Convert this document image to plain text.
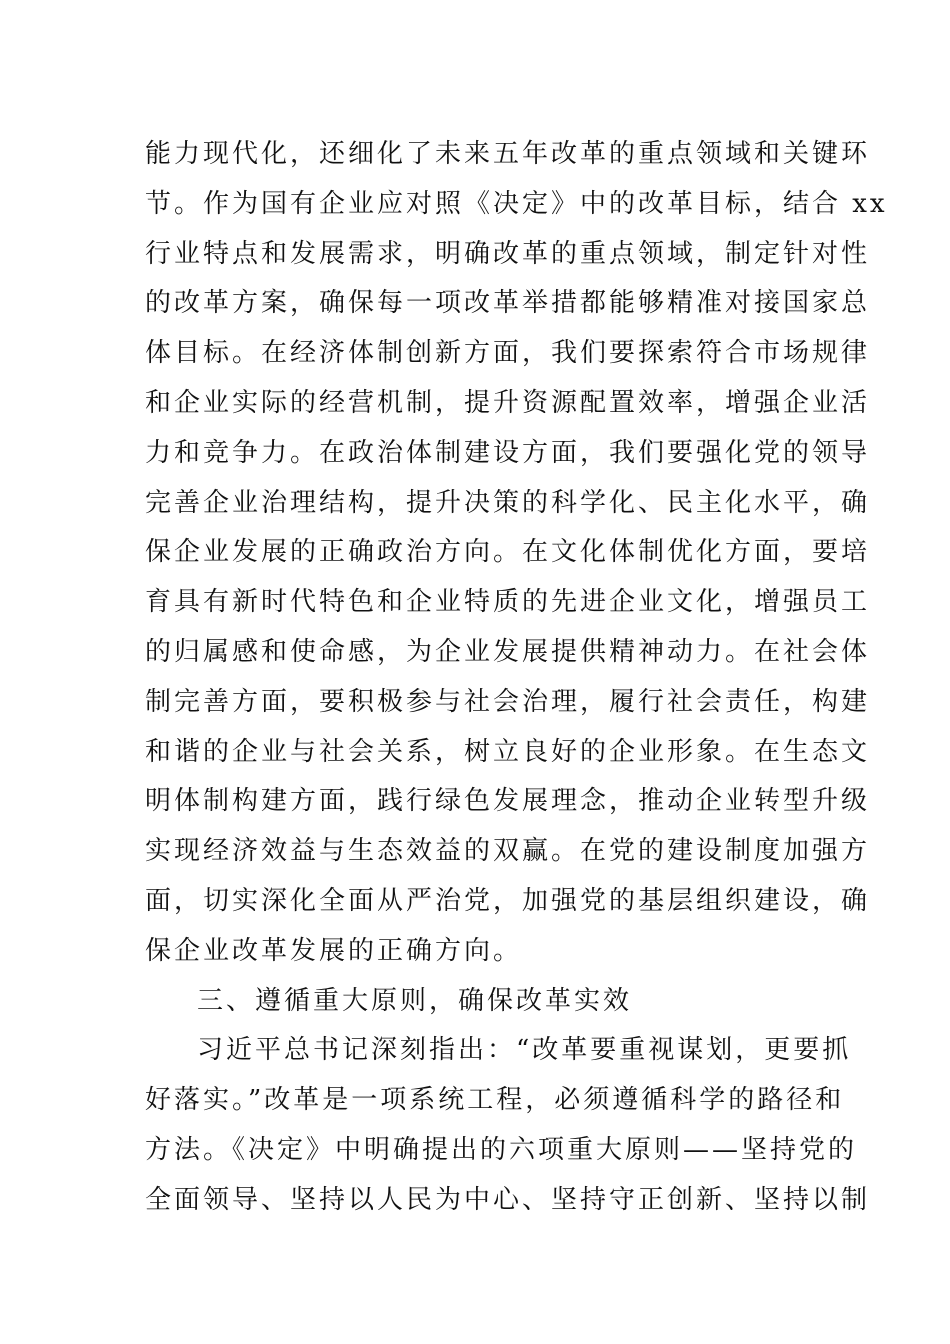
能力现代化，还细化了未来五年改革的重点领域和关键环
节。作为国有企业应对照《决定》中的改革目标，结合 xx
行业特点和发展需求，明确改革的重点领域，制定针对性
的改革方案，确保每一项改革举措都能够精准对接国家总
体目标。在经济体制创新方面，我们要探索符合市场规律
和企业实际的经营机制，提升资源配置效率，增强企业活
力和竞争力。在政治体制建设方面，我们要强化党的领导
完善企业治理结构，提升决策的科学化、民主化水平，确
保企业发展的正确政治方向。在文化体制优化方面，要培
育具有新时代特色和企业特质的先进企业文化，增强员工
的归属感和使命感，为企业发展提供精神动力。在社会体
制完善方面，要积极参与社会治理，履行社会责任，构建
和谐的企业与社会关系，树立良好的企业形象。在生态文
明体制构建方面，践行绿色发展理念，推动企业转型升级
实现经济效益与生态效益的双赢。在党的建设制度加强方
面，切实深化全面从严治党，加强党的基层组织建设，确
保企业改革发展的正确方向。
三、遵循重大原则，确保改革实效
习近平总书记深刻指出：“改革要重视谋划，更要抓
好落实。”改革是一项系统工程，必须遵循科学的路径和
方法。《决定》中明确提出的六项重大原则——坚持党的
全面领导、坚持以人民为中心、坚持守正创新、坚持以制
